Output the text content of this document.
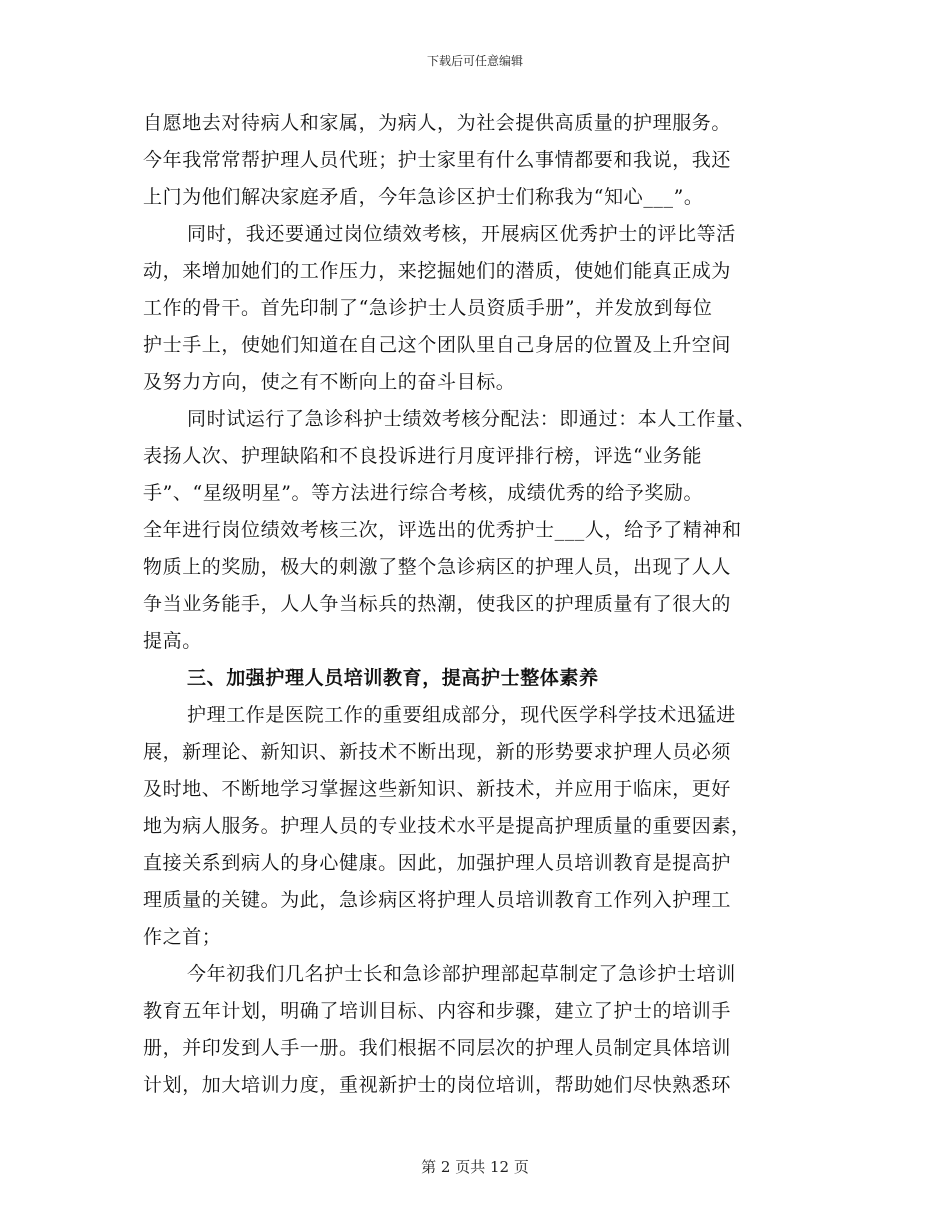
下载后可任意编辑
自愿地去对待病人和家属，为病人，为社会提供高质量的护理服务。
今年我常常帮护理人员代班；护士家里有什么事情都要和我说，我还
上门为他们解决家庭矛盾，今年急诊区护士们称我为“知心___”。
同时，我还要通过岗位绩效考核，开展病区优秀护士的评比等活
动，来增加她们的工作压力，来挖掘她们的潜质，使她们能真正成为
工作的骨干。首先印制了“急诊护士人员资质手册”，并发放到每位
护士手上，使她们知道在自己这个团队里自己身居的位置及上升空间
及努力方向，使之有不断向上的奋斗目标。
同时试运行了急诊科护士绩效考核分配法：即通过：本人工作量、
表扬人次、护理缺陷和不良投诉进行月度评排行榜，评选“业务能
手”、“星级明星”。等方法进行综合考核，成绩优秀的给予奖励。
全年进行岗位绩效考核三次，评选出的优秀护士___人，给予了精神和
物质上的奖励，极大的刺激了整个急诊病区的护理人员，出现了人人
争当业务能手，人人争当标兵的热潮，使我区的护理质量有了很大的
提高。
三、加强护理人员培训教育，提高护士整体素养
护理工作是医院工作的重要组成部分，现代医学科学技术迅猛进
展，新理论、新知识、新技术不断出现，新的形势要求护理人员必须
及时地、不断地学习掌握这些新知识、新技术，并应用于临床，更好
地为病人服务。护理人员的专业技术水平是提高护理质量的重要因素，
直接关系到病人的身心健康。因此，加强护理人员培训教育是提高护
理质量的关键。为此，急诊病区将护理人员培训教育工作列入护理工
作之首；
今年初我们几名护士长和急诊部护理部起草制定了急诊护士培训
教育五年计划，明确了培训目标、内容和步骤，建立了护士的培训手
册，并印发到人手一册。我们根据不同层次的护理人员制定具体培训
计划，加大培训力度，重视新护士的岗位培训，帮助她们尽快熟悉环
第 2 页共 12 页
